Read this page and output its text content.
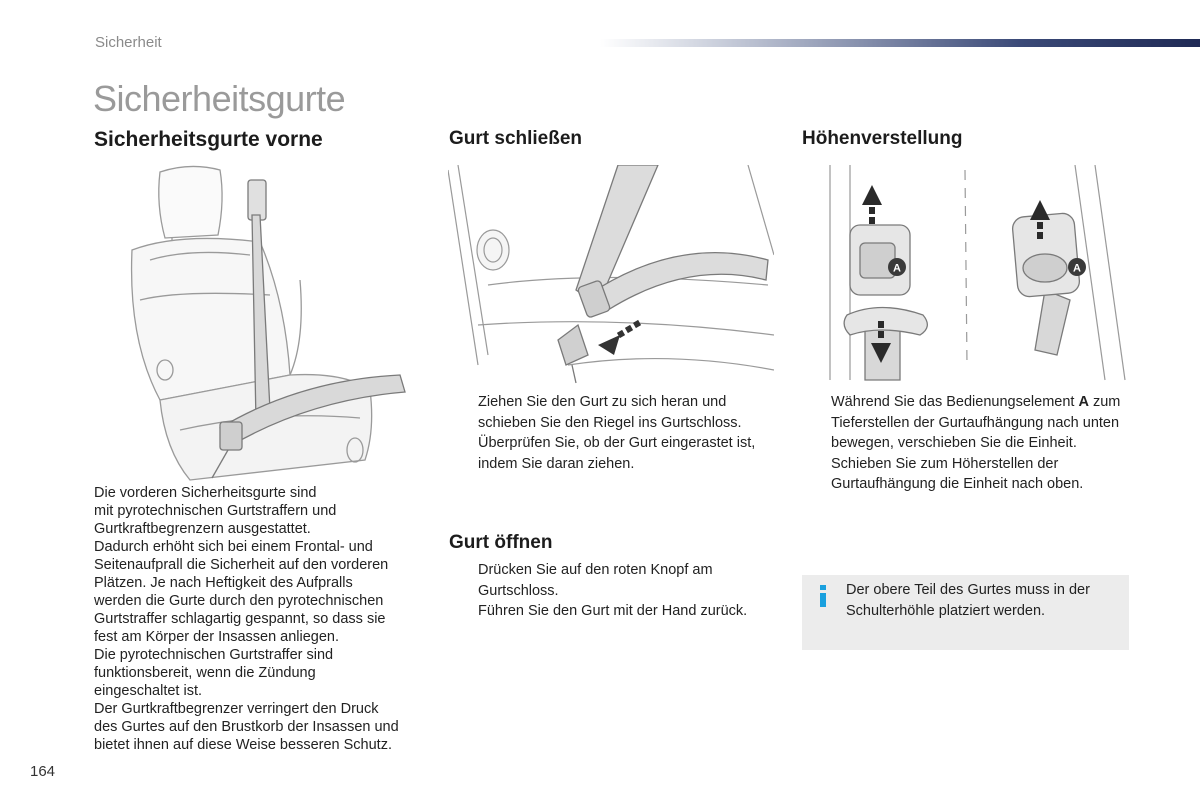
Sicherheit
Sicherheitsgurte
Sicherheitsgurte vorne
Die vorderen Sicherheitsgurte sind
mit pyrotechnischen Gurtstraffern und
Gurtkraftbegrenzern ausgestattet.
Dadurch erhöht sich bei einem Frontal- und
Seitenaufprall die Sicherheit auf den vorderen
Plätzen. Je nach Heftigkeit des Aufpralls
werden die Gurte durch den pyrotechnischen
Gurtstraffer schlagartig gespannt, so dass sie
fest am Körper der Insassen anliegen.
Die pyrotechnischen Gurtstraffer sind
funktionsbereit, wenn die Zündung
eingeschaltet ist.
Der Gurtkraftbegrenzer verringert den Druck
des Gurtes auf den Brustkorb der Insassen und
bietet ihnen auf diese Weise besseren Schutz.
Gurt schließen
Ziehen Sie den Gurt zu sich heran und schieben Sie den Riegel ins Gurtschloss.
Überprüfen Sie, ob der Gurt eingerastet ist, indem Sie daran ziehen.
Gurt öffnen
Drücken Sie auf den roten Knopf am Gurtschloss.
Führen Sie den Gurt mit der Hand zurück.
Höhenverstellung
A	A
Während Sie das Bedienungselement A zum Tieferstellen der Gurtaufhängung nach unten bewegen, verschieben Sie die Einheit.
Schieben Sie zum Höherstellen der Gurtaufhängung die Einheit nach oben.
Der obere Teil des Gurtes muss in der Schulterhöhle platziert werden.
164
